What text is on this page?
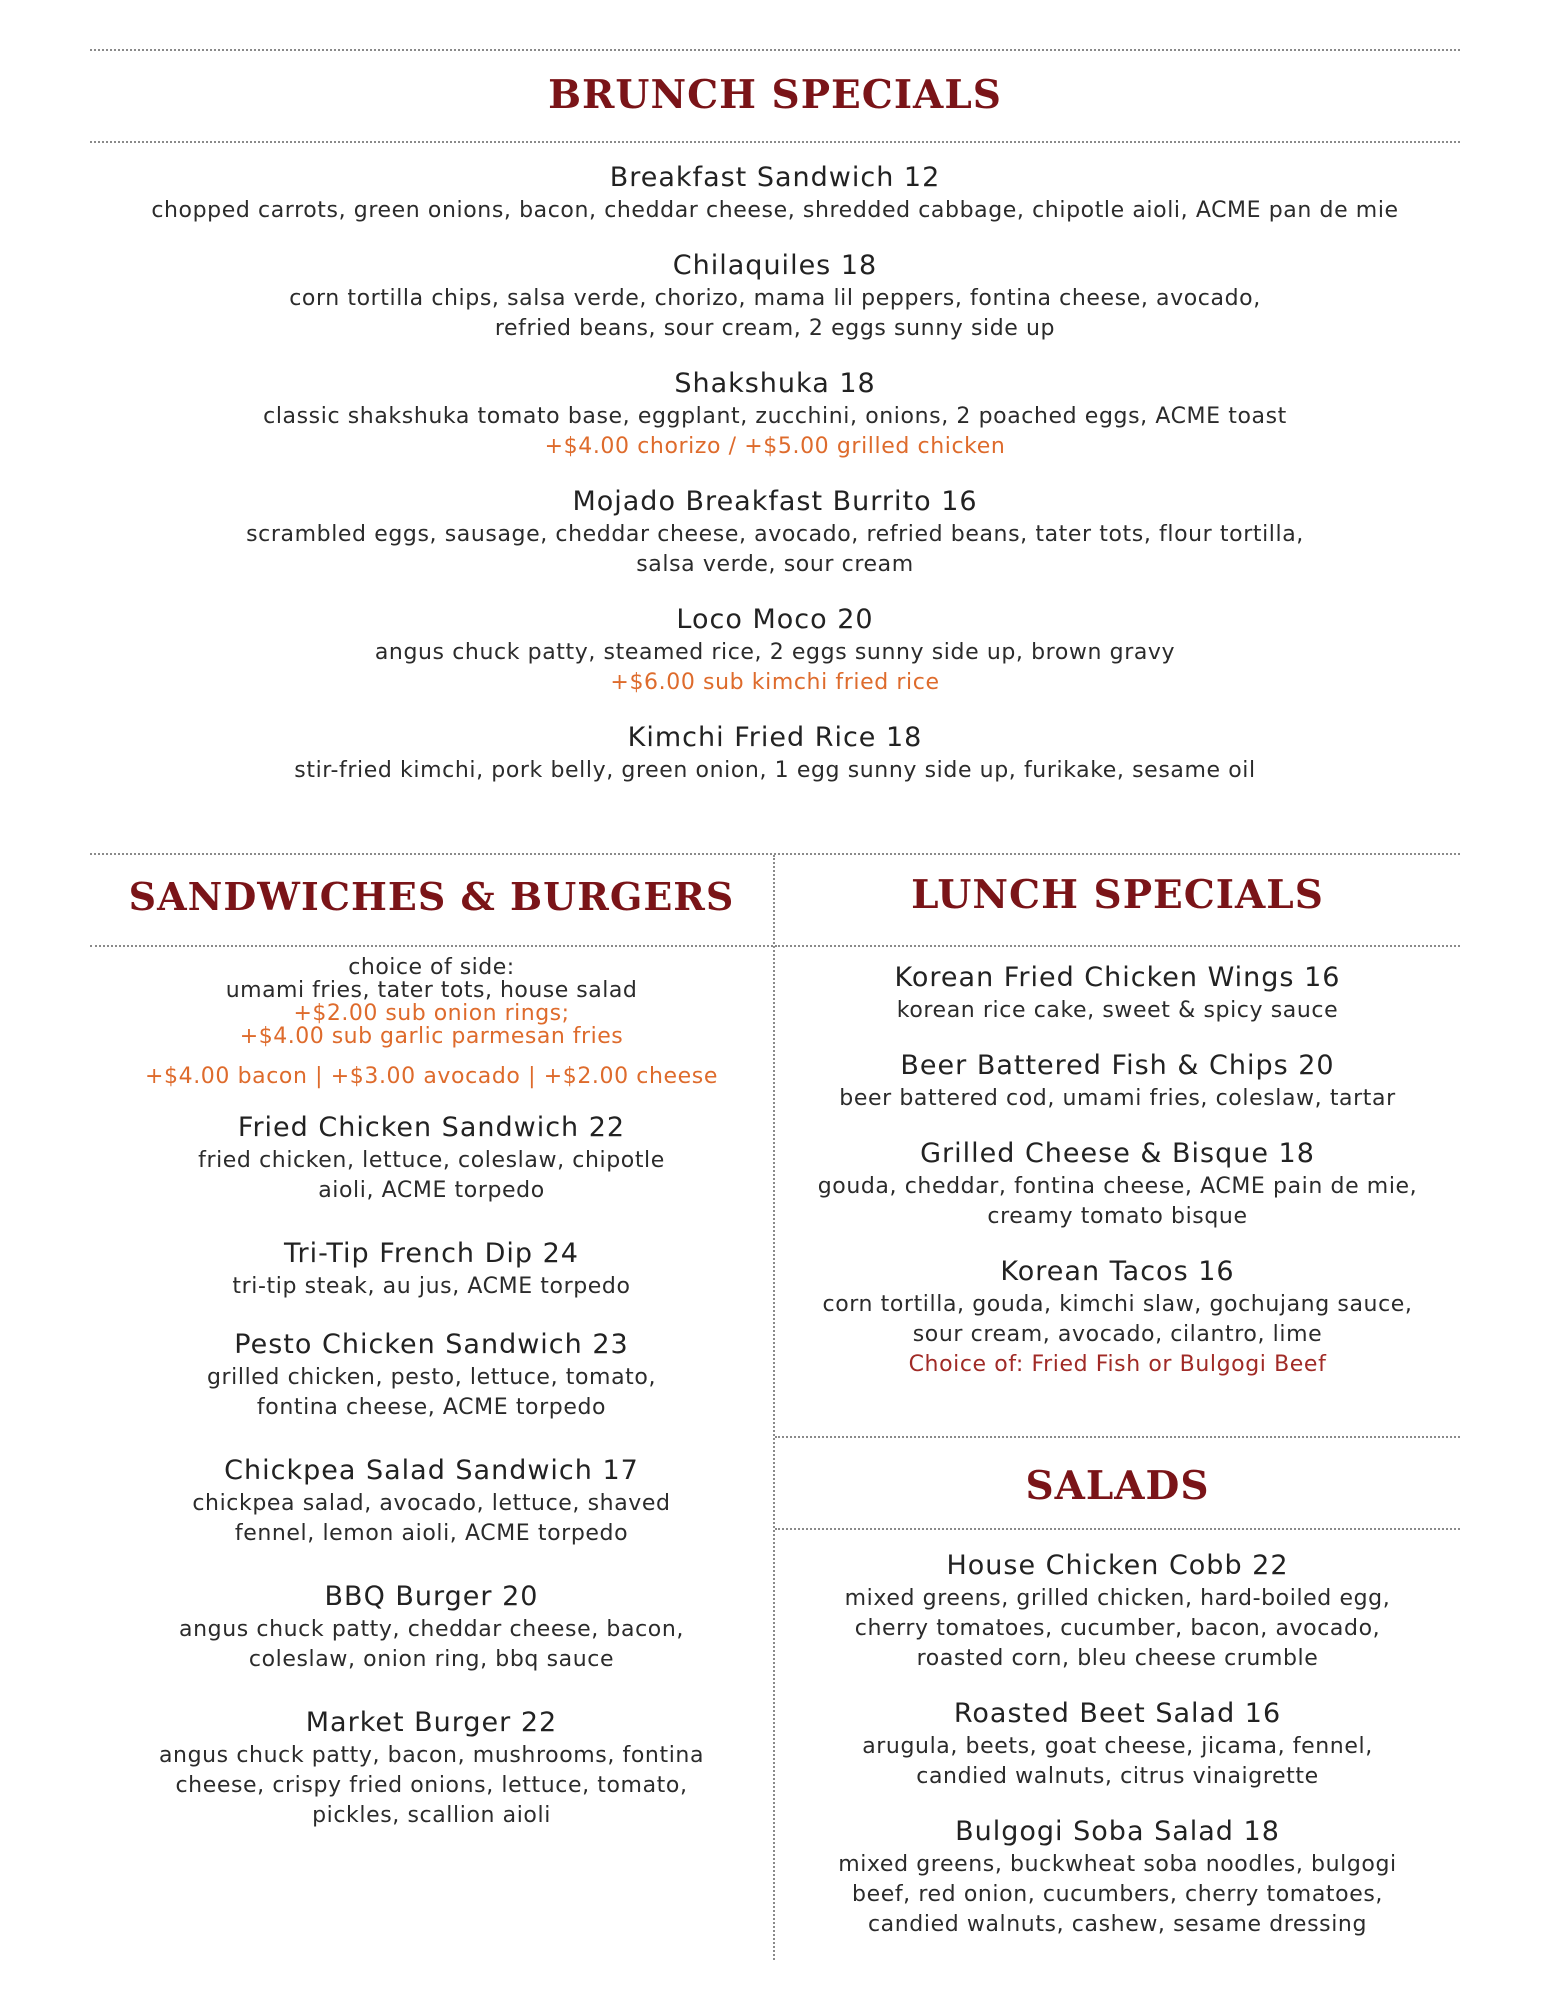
BRUNCH SPECIALS
Breakfast Sandwich 12
chopped carrots, green onions, bacon, cheddar cheese, shredded cabbage, chipotle aioli, ACME pan de mie
Chilaquiles 18
corn tortilla chips, salsa verde, chorizo, mama lil peppers, fontina cheese, avocado,
refried beans, sour cream, 2 eggs sunny side up
Shakshuka 18
classic shakshuka tomato base, eggplant, zucchini, onions, 2 poached eggs, ACME toast
+$4.00 chorizo / +$5.00 grilled chicken
Mojado Breakfast Burrito 16
scrambled eggs, sausage, cheddar cheese, avocado, refried beans, tater tots, flour tortilla,
salsa verde, sour cream
Loco Moco 20
angus chuck patty, steamed rice, 2 eggs sunny side up, brown gravy
+$6.00 sub kimchi fried rice
Kimchi Fried Rice 18
stir-fried kimchi, pork belly, green onion, 1 egg sunny side up, furikake, sesame oil
SANDWICHES & BURGERS
choice of side:
umami fries, tater tots, house salad
+$2.00 sub onion rings;
+$4.00 sub garlic parmesan fries
+$4.00 bacon | +$3.00 avocado | +$2.00 cheese
Fried Chicken Sandwich 22
fried chicken, lettuce, coleslaw, chipotle
aioli, ACME torpedo
Tri-Tip French Dip 24
tri-tip steak, au jus, ACME torpedo
Pesto Chicken Sandwich 23
grilled chicken, pesto, lettuce, tomato,
fontina cheese, ACME torpedo
Chickpea Salad Sandwich 17
chickpea salad, avocado, lettuce, shaved
fennel, lemon aioli, ACME torpedo
BBQ Burger 20
angus chuck patty, cheddar cheese, bacon,
coleslaw, onion ring, bbq sauce
Market Burger 22
angus chuck patty, bacon, mushrooms, fontina
cheese, crispy fried onions, lettuce, tomato,
pickles, scallion aioli
LUNCH SPECIALS
Korean Fried Chicken Wings 16
korean rice cake, sweet & spicy sauce
Beer Battered Fish & Chips 20
beer battered cod, umami fries, coleslaw, tartar
Grilled Cheese & Bisque 18
gouda, cheddar, fontina cheese, ACME pain de mie,
creamy tomato bisque
Korean Tacos 16
corn tortilla, gouda, kimchi slaw, gochujang sauce,
sour cream, avocado, cilantro, lime
Choice of: Fried Fish or Bulgogi Beef
SALADS
House Chicken Cobb 22
mixed greens, grilled chicken, hard-boiled egg,
cherry tomatoes, cucumber, bacon, avocado,
roasted corn, bleu cheese crumble
Roasted Beet Salad 16
arugula, beets, goat cheese, jicama, fennel,
candied walnuts, citrus vinaigrette
Bulgogi Soba Salad 18
mixed greens, buckwheat soba noodles, bulgogi
beef, red onion, cucumbers, cherry tomatoes,
candied walnuts, cashew, sesame dressing
